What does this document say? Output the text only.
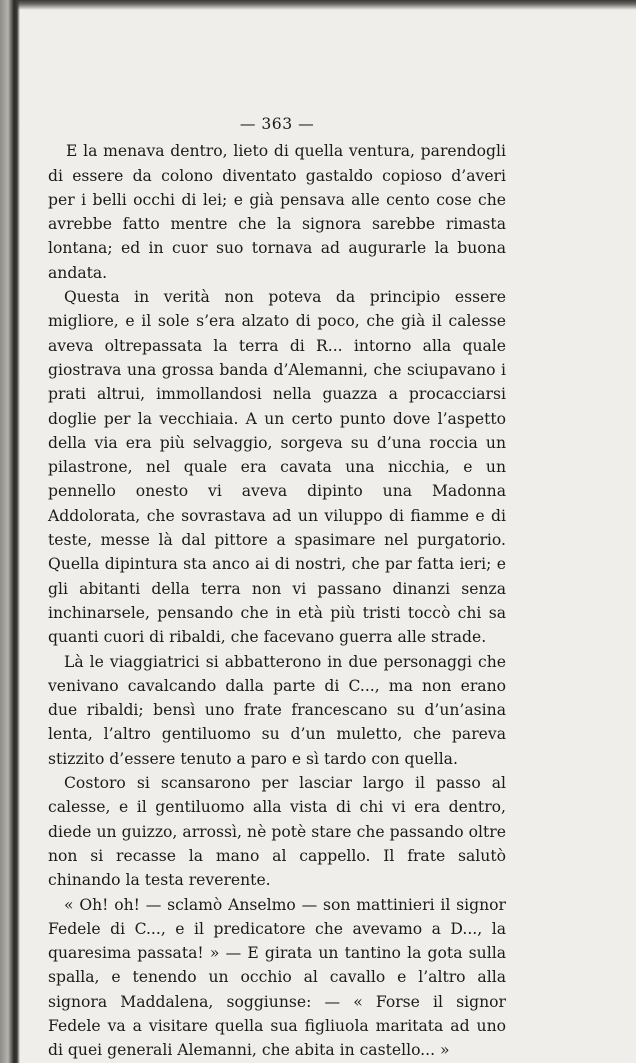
— 363 —

E la menava dentro, lieto di quella ventura, parendogli di essere da colono diventato gastaldo copioso d’averi per i belli occhi di lei; e già pensava alle cento cose che avrebbe fatto mentre che la signora sarebbe rimasta lontana; ed in cuor suo tornava ad augurarle la buona andata.

Questa in verità non poteva da principio essere migliore, e il sole s’era alzato di poco, che già il calesse aveva oltrepassata la terra di R... intorno alla quale giostrava una grossa banda d’Alemanni, che sciupavano i prati altrui, immollandosi nella guazza a procacciarsi doglie per la vecchiaia. A un certo punto dove l’aspetto della via era più selvaggio, sorgeva su d’una roccia un pilastrone, nel quale era cavata una nicchia, e un pennello onesto vi aveva dipinto una Madonna Addolorata, che sovrastava ad un viluppo di fiamme e di teste, messe là dal pittore a spasimare nel purgatorio. Quella dipintura sta anco ai di nostri, che par fatta ieri; e gli abitanti della terra non vi passano dinanzi senza inchinarsele, pensando che in età più tristi toccò chi sa quanti cuori di ribaldi, che facevano guerra alle strade.

Là le viaggiatrici si abbatterono in due personaggi che venivano cavalcando dalla parte di C..., ma non erano due ribaldi; bensì uno frate francescano su d’un’asina lenta, l’altro gentiluomo su d’un muletto, che pareva stizzito d’essere tenuto a paro e sì tardo con quella.

Costoro si scansarono per lasciar largo il passo al calesse, e il gentiluomo alla vista di chi vi era dentro, diede un guizzo, arrossì, nè potè stare che passando oltre non si recasse la mano al cappello. Il frate salutò chinando la testa reverente.

« Oh! oh! — sclamò Anselmo — son mattinieri il signor Fedele di C..., e il predicatore che avevamo a D..., la quaresima passata! » — E girata un tantino la gota sulla spalla, e tenendo un occhio al cavallo e l’altro alla signora Maddalena, soggiunse: — « Forse il signor Fedele va a visitare quella sua figliuola maritata ad uno di quei generali Alemanni, che abita in castello... »
